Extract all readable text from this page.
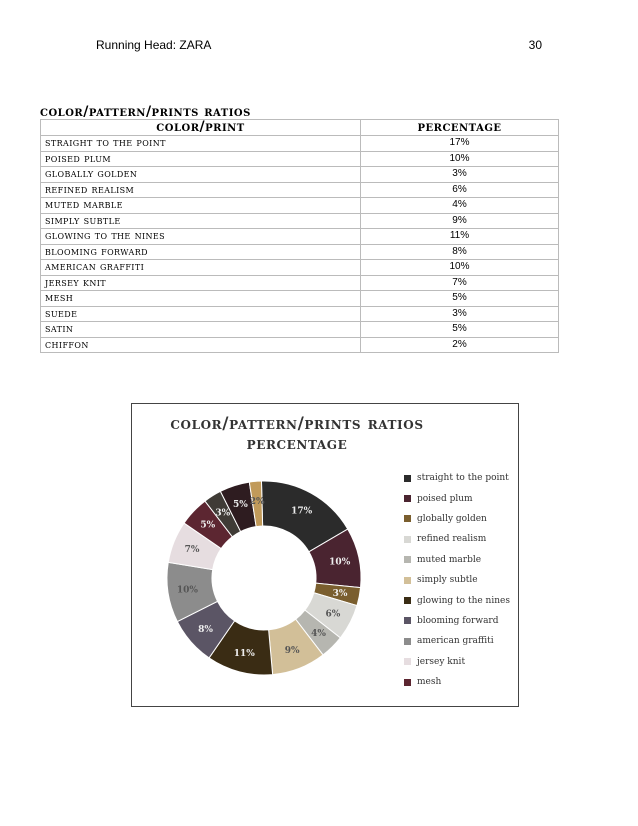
Running Head: ZARA	30
color/pattern/prints ratios
color/print	percentage
straight to the point	17%
poised plum	10%
globally golden	3%
refined realism	6%
muted marble	4%
simply subtle	9%
glowing to the nines	11%
blooming forward	8%
american graffiti	10%
jersey knit	7%
mesh	5%
suede	3%
satin	5%
chiffon	2%
color/pattern/prints ratios percentage
17%
10%
3%
6%
4%
9%
11%
8%
10%
7%
5%
3%
5% 2%
straight to the point
poised plum
globally golden
refined realism
muted marble
simply subtle
glowing to the nines
blooming forward
american graffiti
jersey knit
mesh
